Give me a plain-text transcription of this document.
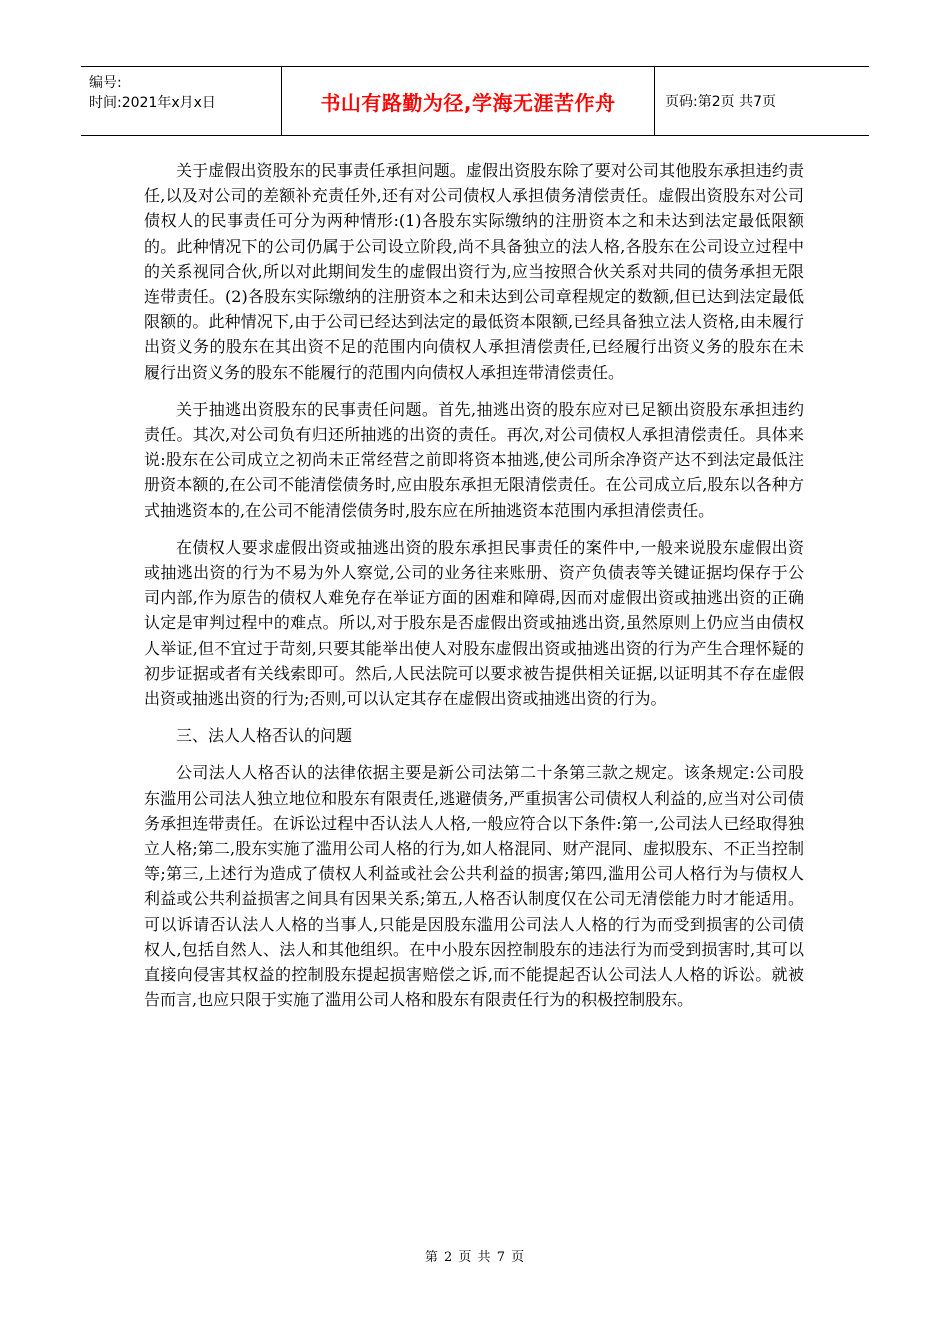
编号:
时间:2021年x月x日	书山有路勤为径,学海无涯苦作舟	页码:第2页 共7页

关于虚假出资股东的民事责任承担问题。虚假出资股东除了要对公司其他股东承担违约责任,以及对公司的差额补充责任外,还有对公司债权人承担债务清偿责任。虚假出资股东对公司债权人的民事责任可分为两种情形:(1)各股东实际缴纳的注册资本之和未达到法定最低限额的。此种情况下的公司仍属于公司设立阶段,尚不具备独立的法人格,各股东在公司设立过程中的关系视同合伙,所以对此期间发生的虚假出资行为,应当按照合伙关系对共同的债务承担无限连带责任。(2)各股东实际缴纳的注册资本之和未达到公司章程规定的数额,但已达到法定最低限额的。此种情况下,由于公司已经达到法定的最低资本限额,已经具备独立法人资格,由未履行出资义务的股东在其出资不足的范围内向债权人承担清偿责任,已经履行出资义务的股东在未履行出资义务的股东不能履行的范围内向债权人承担连带清偿责任。

关于抽逃出资股东的民事责任问题。首先,抽逃出资的股东应对已足额出资股东承担违约责任。其次,对公司负有归还所抽逃的出资的责任。再次,对公司债权人承担清偿责任。具体来说:股东在公司成立之初尚未正常经营之前即将资本抽逃,使公司所余净资产达不到法定最低注册资本额的,在公司不能清偿债务时,应由股东承担无限清偿责任。在公司成立后,股东以各种方式抽逃资本的,在公司不能清偿债务时,股东应在所抽逃资本范围内承担清偿责任。

在债权人要求虚假出资或抽逃出资的股东承担民事责任的案件中,一般来说股东虚假出资或抽逃出资的行为不易为外人察觉,公司的业务往来账册、资产负债表等关键证据均保存于公司内部,作为原告的债权人难免存在举证方面的困难和障碍,因而对虚假出资或抽逃出资的正确认定是审判过程中的难点。所以,对于股东是否虚假出资或抽逃出资,虽然原则上仍应当由债权人举证,但不宜过于苛刻,只要其能举出使人对股东虚假出资或抽逃出资的行为产生合理怀疑的初步证据或者有关线索即可。然后,人民法院可以要求被告提供相关证据,以证明其不存在虚假出资或抽逃出资的行为;否则,可以认定其存在虚假出资或抽逃出资的行为。

三、法人人格否认的问题

公司法人人格否认的法律依据主要是新公司法第二十条第三款之规定。该条规定:公司股东滥用公司法人独立地位和股东有限责任,逃避债务,严重损害公司债权人利益的,应当对公司债务承担连带责任。在诉讼过程中否认法人人格,一般应符合以下条件:第一,公司法人已经取得独立人格;第二,股东实施了滥用公司人格的行为,如人格混同、财产混同、虚拟股东、不正当控制等;第三,上述行为造成了债权人利益或社会公共利益的损害;第四,滥用公司人格行为与债权人利益或公共利益损害之间具有因果关系;第五,人格否认制度仅在公司无清偿能力时才能适用。可以诉请否认法人人格的当事人,只能是因股东滥用公司法人人格的行为而受到损害的公司债权人,包括自然人、法人和其他组织。在中小股东因控制股东的违法行为而受到损害时,其可以直接向侵害其权益的控制股东提起损害赔偿之诉,而不能提起否认公司法人人格的诉讼。就被告而言,也应只限于实施了滥用公司人格和股东有限责任行为的积极控制股东。

第 2 页 共 7 页
